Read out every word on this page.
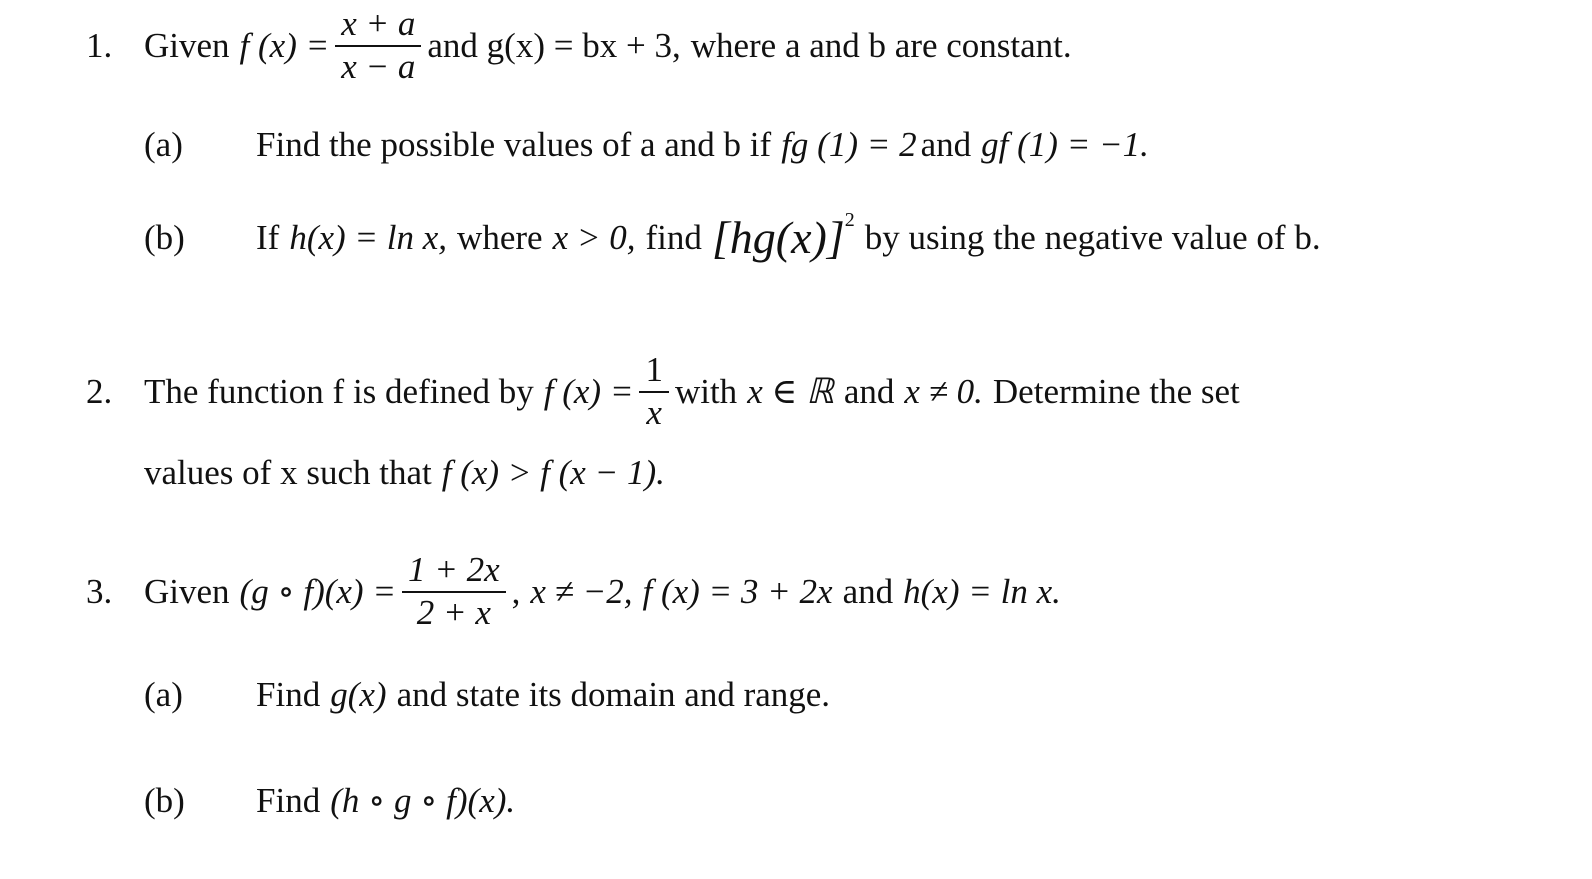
1. Given f $(x) = \frac{x + a}{x - a}$ and g(x) = bx + 3, where a and b are constant.
(a)	Find the possible values of a and b if fg (1) = 2 and gf (1) = −1.
(b)	If h(x) = ln x, where x > 0, find [hg(x)] 2 by using the negative value of b.
2. The function f is defined by f $(x) = \frac{1}{x}$ with x ∈ ℝ and x ≠ 0. Determine the set
values of x such that f (x) > f (x − 1).
3. Given (g ∘ $f)(x) = \frac{1 + 2x}{2 + x}$ , x ≠ −2, f (x) = 3 + 2x and h(x) = ln x.
(a)	Find g(x) and state its domain and range.
(b)	Find (h ∘ g ∘ f)(x).
